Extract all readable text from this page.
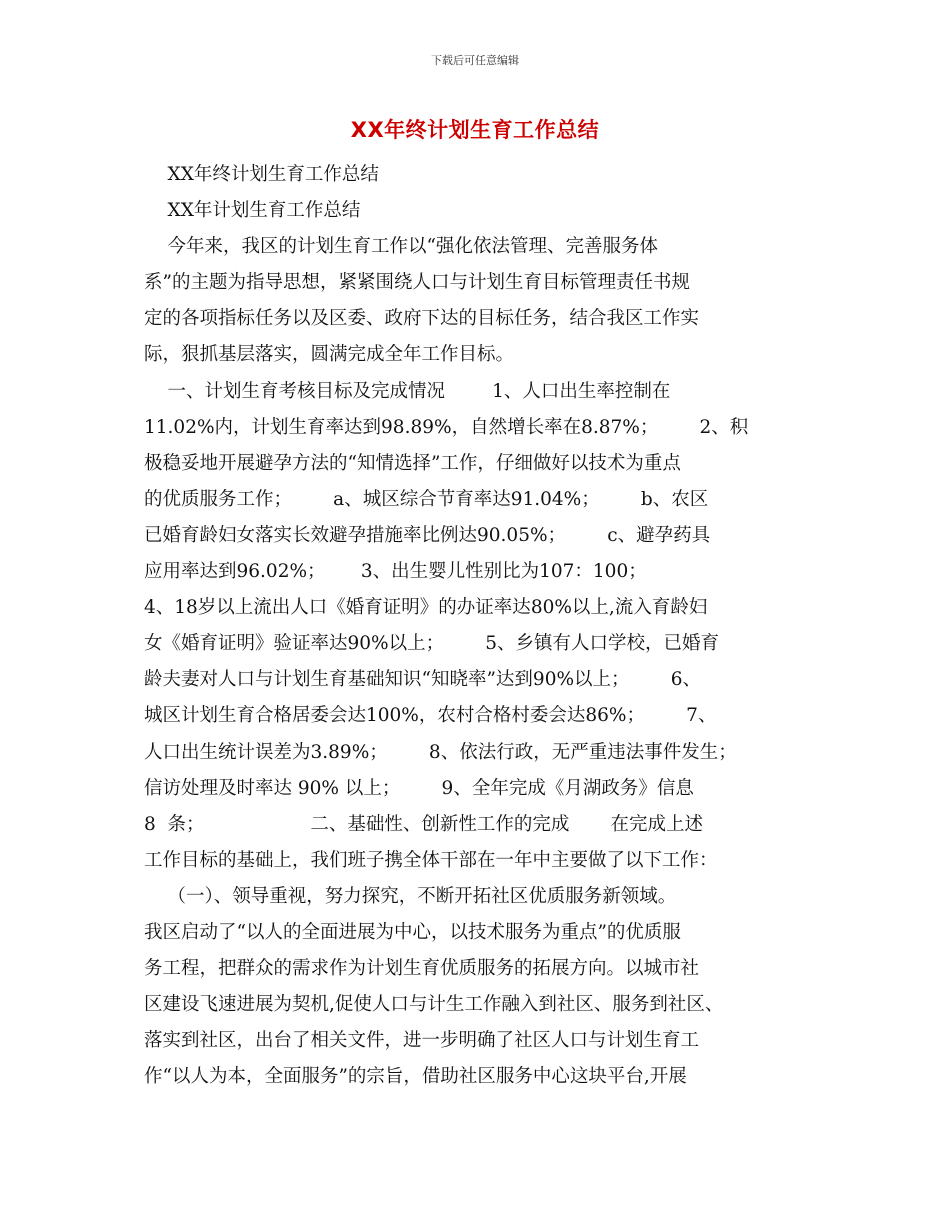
下载后可任意编辑
XX年终计划生育工作总结
XX年终计划生育工作总结
XX年计划生育工作总结
今年来，我区的计划生育工作以“强化依法管理、完善服务体
系”的主题为指导思想，紧紧围绕人口与计划生育目标管理责任书规
定的各项指标任务以及区委、政府下达的目标任务，结合我区工作实
际，狠抓基层落实，圆满完成全年工作目标。
一、计划生育考核目标及完成情况        1、人口出生率控制在
11.02%内，计划生育率达到98.89%，自然增长率在8.87%；       2、积
极稳妥地开展避孕方法的“知情选择”工作，仔细做好以技术为重点
的优质服务工作；       a、城区综合节育率达91.04%；       b、农区
已婚育龄妇女落实长效避孕措施率比例达90.05%；       c、避孕药具
应用率达到96.02%；      3、出生婴儿性别比为107：100；
4、18岁以上流出人口《婚育证明》的办证率达80%以上,流入育龄妇
女《婚育证明》验证率达90%以上；       5、乡镇有人口学校，已婚育
龄夫妻对人口与计划生育基础知识“知晓率”达到90%以上；       6、
城区计划生育合格居委会达100%，农村合格村委会达86%；       7、
人口出生统计误差为3.89%；       8、依法行政，无严重违法事件发生；
信访处理及时率达 90% 以上；       9、全年完成《月湖政务》信息
8  条；                  二、基础性、创新性工作的完成       在完成上述
工作目标的基础上，我们班子携全体干部在一年中主要做了以下工作：
（一）、领导重视，努力探究，不断开拓社区优质服务新领域。
我区启动了“以人的全面进展为中心，以技术服务为重点”的优质服
务工程，把群众的需求作为计划生育优质服务的拓展方向。以城市社
区建设飞速进展为契机,促使人口与计生工作融入到社区、服务到社区、
落实到社区，出台了相关文件，进一步明确了社区人口与计划生育工
作“以人为本，全面服务”的宗旨，借助社区服务中心这块平台,开展
